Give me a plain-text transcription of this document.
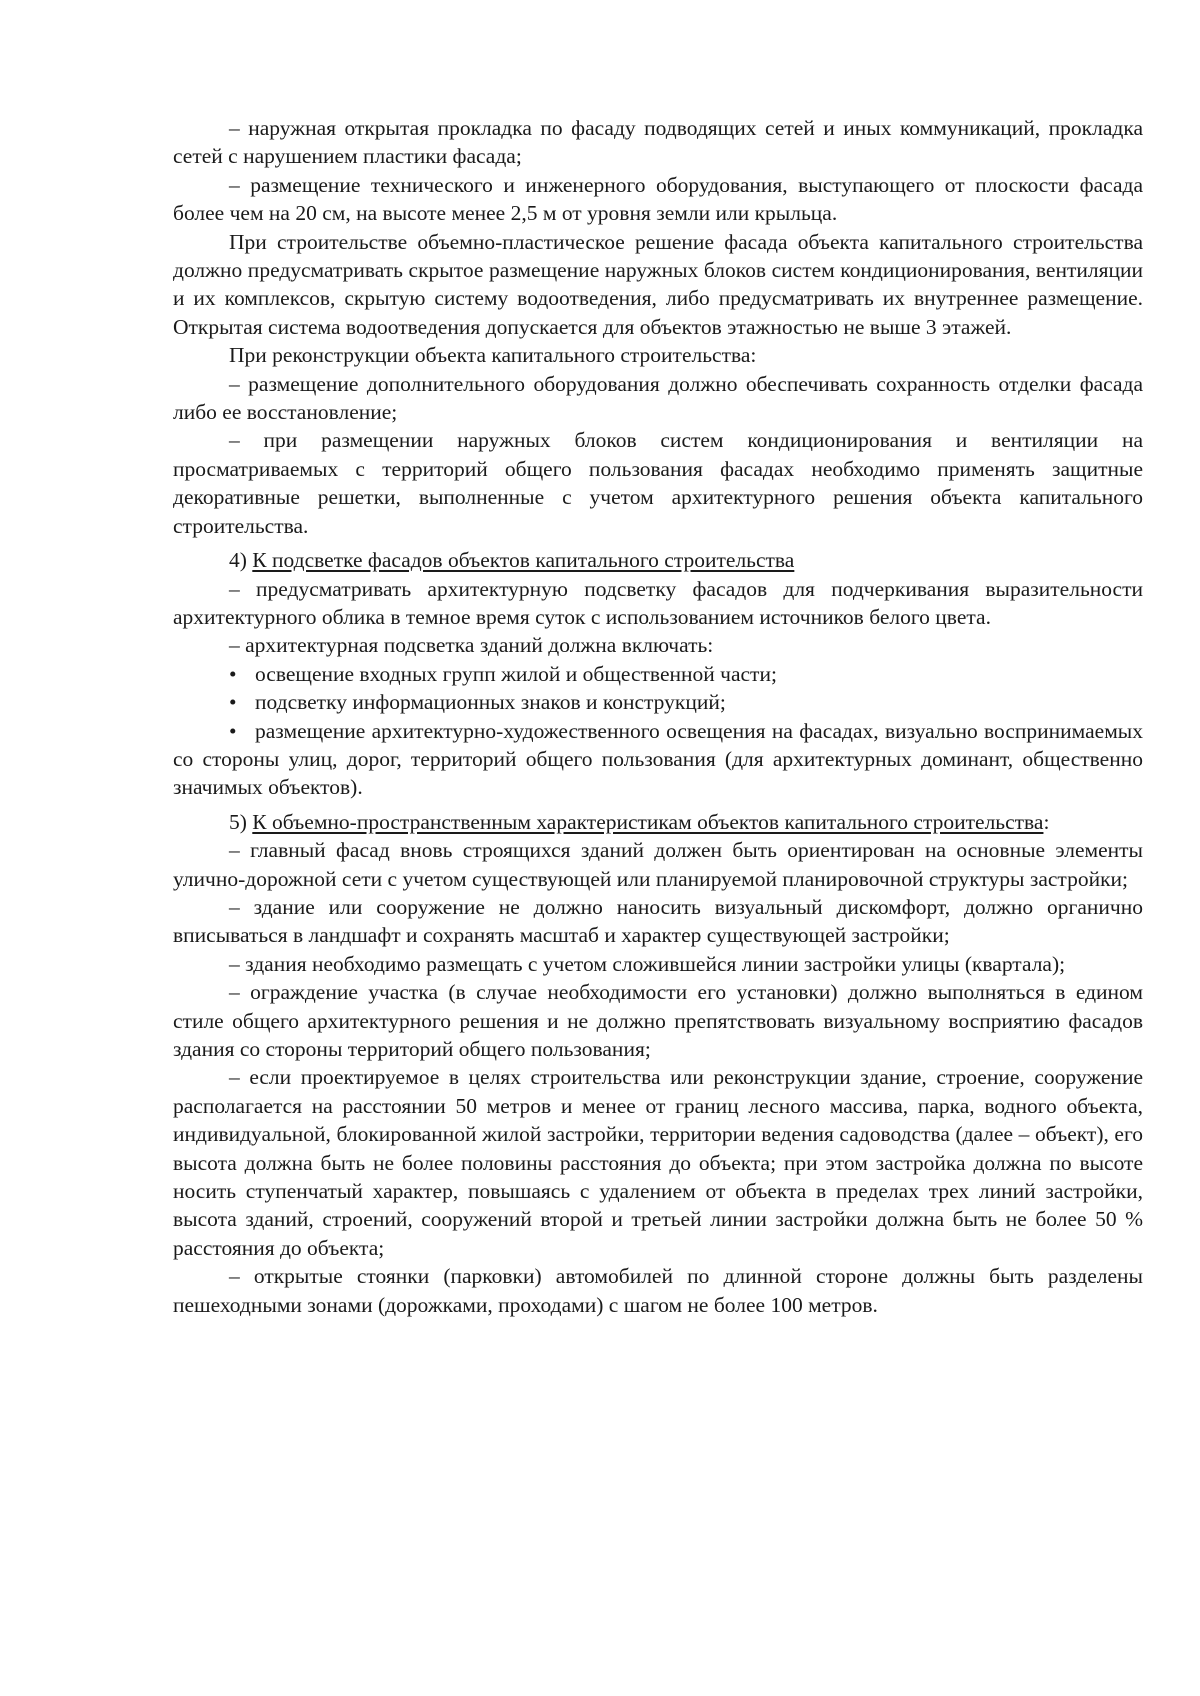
– наружная открытая прокладка по фасаду подводящих сетей и иных коммуникаций, прокладка сетей с нарушением пластики фасада;

– размещение технического и инженерного оборудования, выступающего от плоскости фасада более чем на 20 см, на высоте менее 2,5 м от уровня земли или крыльца.

При строительстве объемно-пластическое решение фасада объекта капитального строительства должно предусматривать скрытое размещение наружных блоков систем кондиционирования, вентиляции и их комплексов, скрытую систему водоотведения, либо предусматривать их внутреннее размещение. Открытая система водоотведения допускается для объектов этажностью не выше 3 этажей.

При реконструкции объекта капитального строительства:

– размещение дополнительного оборудования должно обеспечивать сохранность отделки фасада либо ее восстановление;

– при размещении наружных блоков систем кондиционирования и вентиляции на просматриваемых с территорий общего пользования фасадах необходимо применять защитные декоративные решетки, выполненные с учетом архитектурного решения объекта капитального строительства.

4) К подсветке фасадов объектов капитального строительства

– предусматривать архитектурную подсветку фасадов для подчеркивания выразительности архитектурного облика в темное время суток с использованием источников белого цвета.

– архитектурная подсветка зданий должна включать:

• освещение входных групп жилой и общественной части;

• подсветку информационных знаков и конструкций;

• размещение архитектурно-художественного освещения на фасадах, визуально воспринимаемых со стороны улиц, дорог, территорий общего пользования (для архитектурных доминант, общественно значимых объектов).

5) К объемно-пространственным характеристикам объектов капитального строительства:

– главный фасад вновь строящихся зданий должен быть ориентирован на основные элементы улично-дорожной сети с учетом существующей или планируемой планировочной структуры застройки;

– здание или сооружение не должно наносить визуальный дискомфорт, должно органично вписываться в ландшафт и сохранять масштаб и характер существующей застройки;

– здания необходимо размещать с учетом сложившейся линии застройки улицы (квартала);

– ограждение участка (в случае необходимости его установки) должно выполняться в едином стиле общего архитектурного решения и не должно препятствовать визуальному восприятию фасадов здания со стороны территорий общего пользования;

– если проектируемое в целях строительства или реконструкции здание, строение, сооружение располагается на расстоянии 50 метров и менее от границ лесного массива, парка, водного объекта, индивидуальной, блокированной жилой застройки, территории ведения садоводства (далее – объект), его высота должна быть не более половины расстояния до объекта; при этом застройка должна по высоте носить ступенчатый характер, повышаясь с удалением от объекта в пределах трех линий застройки, высота зданий, строений, сооружений второй и третьей линии застройки должна быть не более 50 % расстояния до объекта;

– открытые стоянки (парковки) автомобилей по длинной стороне должны быть разделены пешеходными зонами (дорожками, проходами) с шагом не более 100 метров.
